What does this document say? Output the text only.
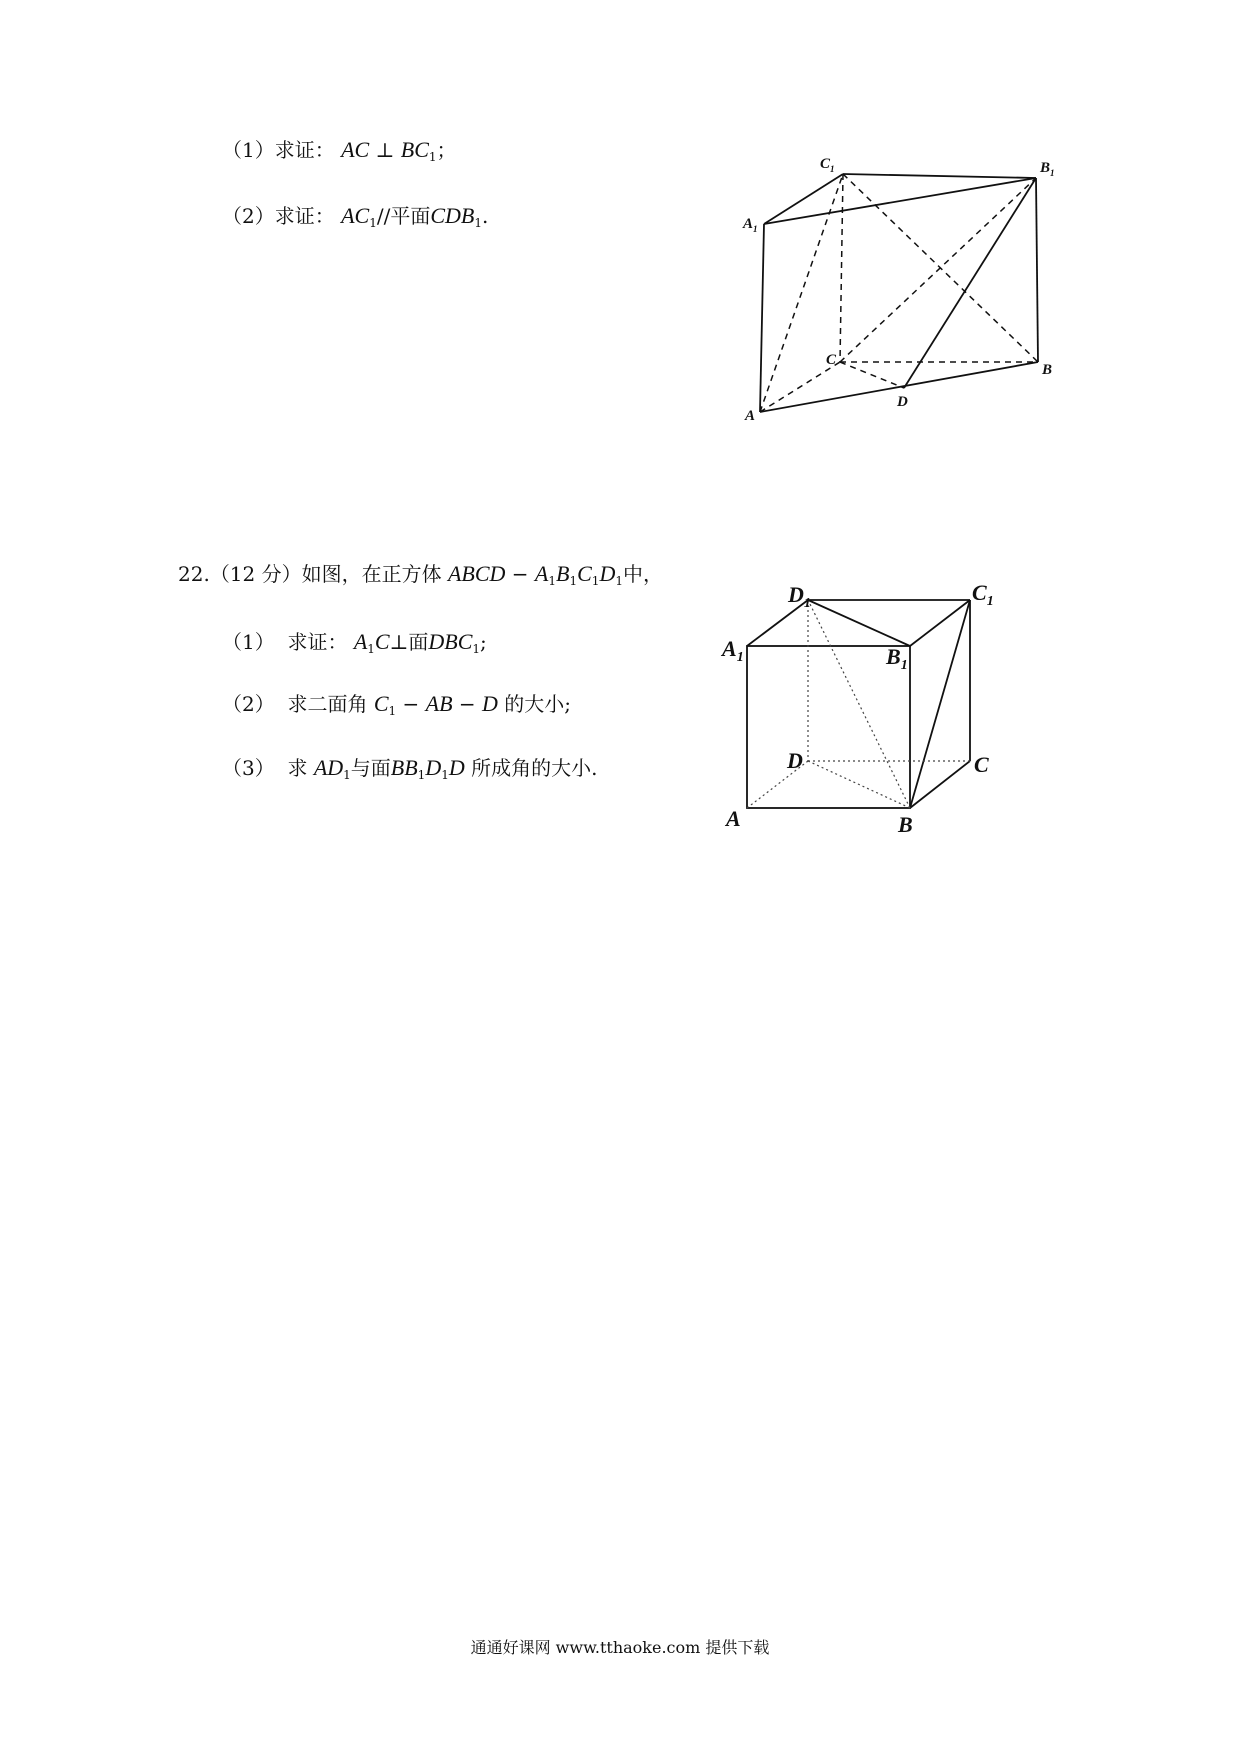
（1）求证： AC ⊥ $BC_1$；
（2）求证： $AC_1//$平面$CDB_1$.
$C_1$	$B_1$
$A_1$
C
B
D
A
22.（12 分）如图，在正方体 ABCD − $A_1B_1C_1D_1$中，
（1） 求证： $A_1C\perp$面$DBC_1$;
（2） 求二面角 $C_1$ − AB − D 的大小;
（3） 求 $AD_1$与面$BB_1D_1D$ 所成角的大小.
$D_1$	$C_1$
$A_1$	$B_1$
D	C
A	B
通通好课网 www.tthaoke.com 提供下载
